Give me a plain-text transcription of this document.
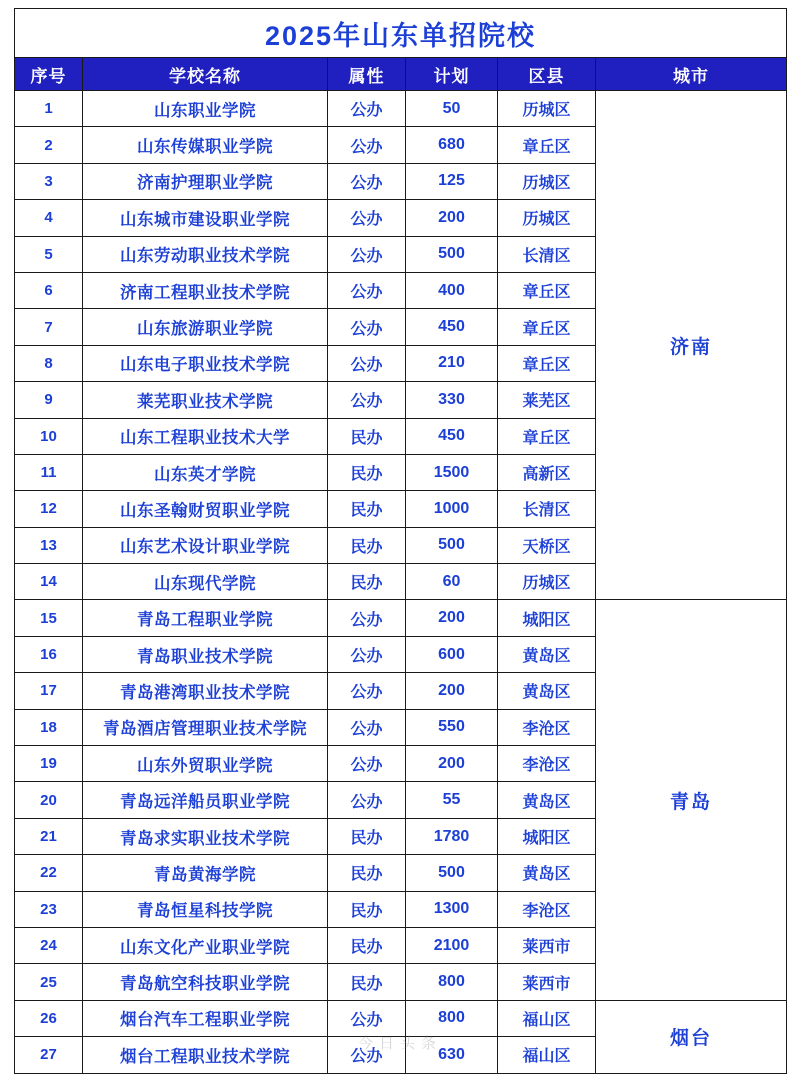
2025年山东单招院校					
序号	学校名称	属性	计划	区县	城市
1	山东职业学院	公办	50	历城区	济南
2	山东传媒职业学院	公办	680	章丘区	
3	济南护理职业学院	公办	125	历城区	
4	山东城市建设职业学院	公办	200	历城区	
5	山东劳动职业技术学院	公办	500	长清区	
6	济南工程职业技术学院	公办	400	章丘区	
7	山东旅游职业学院	公办	450	章丘区	
8	山东电子职业技术学院	公办	210	章丘区	
9	莱芜职业技术学院	公办	330	莱芜区	
10	山东工程职业技术大学	民办	450	章丘区	
11	山东英才学院	民办	1500	高新区	
12	山东圣翰财贸职业学院	民办	1000	长清区	
13	山东艺术设计职业学院	民办	500	天桥区	
14	山东现代学院	民办	60	历城区	
15	青岛工程职业学院	公办	200	城阳区	青岛
16	青岛职业技术学院	公办	600	黄岛区	
17	青岛港湾职业技术学院	公办	200	黄岛区	
18	青岛酒店管理职业技术学院	公办	550	李沧区	
19	山东外贸职业学院	公办	200	李沧区	
20	青岛远洋船员职业学院	公办	55	黄岛区	
21	青岛求实职业技术学院	民办	1780	城阳区	
22	青岛黄海学院	民办	500	黄岛区	
23	青岛恒星科技学院	民办	1300	李沧区	
24	山东文化产业职业学院	民办	2100	莱西市	
25	青岛航空科技职业学院	民办	800	莱西市	
26	烟台汽车工程职业学院	公办	800	福山区	烟台
27	烟台工程职业技术学院	公办	630	福山区	
今日头条
